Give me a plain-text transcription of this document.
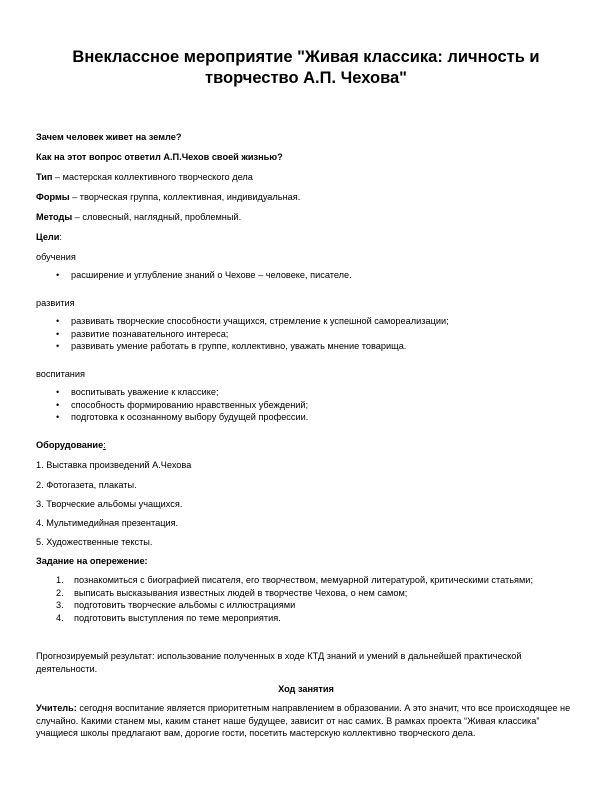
Внеклассное мероприятие "Живая классика: личность и творчество А.П. Чехова"

Зачем человек живет на земле?

Как на этот вопрос ответил А.П.Чехов своей жизнью?

Тип – мастерская коллективного творческого дела

Формы – творческая группа, коллективная, индивидуальная.

Методы – словесный, наглядный, проблемный.

Цели:

обучения

• расширение и углубление знаний о Чехове – человеке, писателе.

развития

• развивать творческие способности учащихся, стремление к успешной самореализации;
• развитие познавательного интереса;
• развивать умение работать в группе, коллективно, уважать мнение товарища.

воспитания

• воспитывать уважение к классике;
• способность формированию нравственных убеждений;
• подготовка к осознанному выбору будущей профессии.

Оборудование:

1. Выставка произведений А.Чехова

2. Фотогазета, плакаты.

3. Творческие альбомы учащихся.

4. Мультимедийная презентация.

5. Художественные тексты.

Задание на опережение:

1. познакомиться с биографией писателя, его творчеством, мемуарной литературой, критическими статьями;
2. выписать высказывания известных людей в творчестве Чехова, о нем самом;
3. подготовить творческие альбомы с иллюстрациями
4. подготовить выступления по теме мероприятия.

Прогнозируемый результат: использование полученных в ходе КТД знаний и умений в дальнейшей практической деятельности.

Ход занятия

Учитель: сегодня воспитание является приоритетным направлением в образовании. А это значит, что все происходящее не случайно. Какими станем мы, каким станет наше будущее, зависит от нас самих. В рамках проекта “Живая классика” учащиеся школы предлагают вам, дорогие гости, посетить мастерскую коллективно творческого дела.
